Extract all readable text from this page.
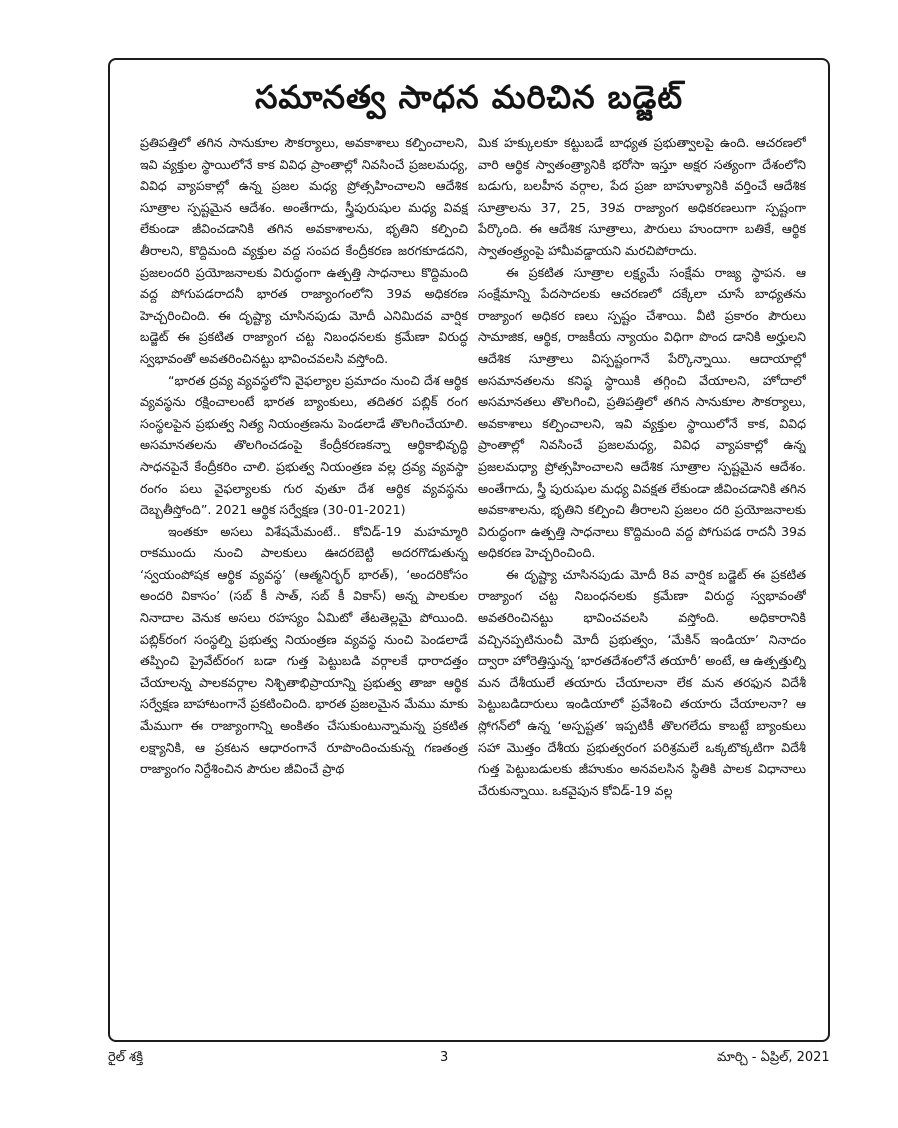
సమానత్వ సాధన మరిచిన బడ్జెట్

ప్రతిపత్తిలో తగిన సానుకూల సౌకర్యాలు, అవకాశాలు కల్పించాలని, ఇవి వ్యక్తుల స్థాయిలోనే కాక వివిధ ప్రాంతాల్లో నివసించే ప్రజలమధ్య, వివిధ వ్యాపకాల్లో ఉన్న ప్రజల మధ్య ప్రోత్సహించాలని ఆదేశిక సూత్రాల స్పష్టమైన ఆదేశం. అంతేగాదు, స్త్రీపురుషుల మధ్య వివక్ష లేకుండా జీవించడానికి తగిన అవకాశాలను, భృతిని కల్పించి తీరాలని, కొద్దిమంది వ్యక్తుల వద్ద సంపద కేంద్రీకరణ జరగకూడదని, ప్రజలందరి ప్రయోజనాలకు విరుద్ధంగా ఉత్పత్తి సాధనాలు కొద్దిమంది వద్ద పోగుపడరాదనీ భారత రాజ్యాంగంలోని 39వ అధికరణ హెచ్చరించింది. ఈ దృష్ట్యా చూసినపుడు మోదీ ఎనిమిదవ వార్షిక బడ్జెట్ ఈ ప్రకటిత రాజ్యాంగ చట్ట నిబంధనలకు క్రమేణా విరుద్ధ స్వభావంతో అవతరించినట్టు భావించవలసి వస్తోంది.

“భారత ద్రవ్య వ్యవస్థలోని వైఫల్యాల ప్రమాదం నుంచి దేశ ఆర్థిక వ్యవస్థను రక్షించాలంటే భారత బ్యాంకులు, తదితర పబ్లిక్ రంగ సంస్థలపైన ప్రభుత్వ నిత్య నియంత్రణను పెండలాడే తొలగించేయాలి. అసమానతలను తొలగించడంపై కేంద్రీకరణకన్నా ఆర్థికాభివృద్ధి సాధనపైనే కేంద్రీకరిం చాలి. ప్రభుత్వ నియంత్రణ వల్ల ద్రవ్య వ్యవస్థా రంగం పలు వైఫల్యాలకు గుర వుతూ దేశ ఆర్థిక వ్యవస్థను దెబ్బతీస్తోంది”. 2021 ఆర్థిక సర్వేక్షణ (30-01-2021)

ఇంతకూ అసలు విశేషమేమంటే.. కోవిడ్-19 మహమ్మారి రాకముందు నుంచి పాలకులు ఊదరబెట్టి అదరగొడుతున్న ‘స్వయంపోషక ఆర్థిక వ్యవస్థ’ (ఆత్మనిర్భర్ భారత్), ‘అందరికోసం అందరి వికాసం’ (సబ్ కీ సాత్, సబ్ కీ వికాస్) అన్న పాలకుల నినాదాల వెనుక అసలు రహస్యం ఏమిటో తేటతెల్లమై పోయింది. పబ్లిక్‌రంగ సంస్థల్ని ప్రభుత్వ నియంత్రణ వ్యవస్థ నుంచి పెండలాడే తప్పించి ప్రైవేట్‌రంగ బడా గుత్త పెట్టుబడి వర్గాలకే ధారాదత్తం చేయాలన్న పాలకవర్గాల నిశ్చితాభిప్రాయాన్ని ప్రభుత్వ తాజా ఆర్థిక సర్వేక్షణ బాహాటంగానే ప్రకటించింది. భారత ప్రజలమైన మేము మాకు మేముగా ఈ రాజ్యాంగాన్ని అంకితం చేసుకుంటున్నామన్న ప్రకటిత లక్ష్యానికి, ఆ ప్రకటన ఆధారంగానే రూపొందించుకున్న గణతంత్ర రాజ్యాంగం నిర్దేశించిన పౌరుల జీవించే ప్రాథ

మిక హక్కులకూ కట్టుబడే బాధ్యత ప్రభుత్వాలపై ఉంది. ఆచరణలో వారి ఆర్థిక స్వాతంత్ర్యానికి భరోసా ఇస్తూ అక్షర సత్యంగా దేశంలోని బడుగు, బలహీన వర్గాల, పేద ప్రజా బాహుళ్యానికి వర్తించే ఆదేశిక సూత్రాలను 37, 25, 39వ రాజ్యాంగ అధికరణలుగా స్పష్టంగా పేర్కొంది. ఈ ఆదేశిక సూత్రాలు, పౌరులు హుందాగా బతికే, ఆర్థిక స్వాతంత్ర్యంపై హామీవడ్డాయని మరచిపోరాదు.

ఈ ప్రకటిత సూత్రాల లక్ష్యమే సంక్షేమ రాజ్య స్థాపన. ఆ సంక్షేమాన్ని పేదసాదలకు ఆచరణలో దక్కేలా చూసే బాధ్యతను రాజ్యాంగ అధికర ణలు స్పష్టం చేశాయి. వీటి ప్రకారం పౌరులు సామాజిక, ఆర్థిక, రాజకీయ న్యాయం విధిగా పొంద డానికి అర్హులని ఆదేశిక సూత్రాలు విస్పష్టంగానే పేర్కొన్నాయి. ఆదాయాల్లో అసమానతలను కనిష్ఠ స్థాయికి తగ్గించి వేయాలని, హోదాలో అసమానతలు తొలగించి, ప్రతిపత్తిలో తగిన సానుకూల సౌకర్యాలు, అవకాశాలు కల్పించాలని, ఇవి వ్యక్తుల స్థాయిలోనే కాక, వివిధ ప్రాంతాల్లో నివసించే ప్రజలమధ్య, వివిధ వ్యాపకాల్లో ఉన్న ప్రజలమధ్యా ప్రోత్సహించాలని ఆదేశిక సూత్రాల స్పష్టమైన ఆదేశం. అంతేగాదు, స్త్రీ పురుషుల మధ్య వివక్షత లేకుండా జీవించడానికి తగిన అవకాశాలను, భృతిని కల్పించి తీరాలని ప్రజలం దరి ప్రయోజనాలకు విరుద్ధంగా ఉత్పత్తి సాధనాలు కొద్దిమంది వద్ద పోగుపడ రాదనీ 39వ అధికరణ హెచ్చరించింది.

ఈ దృష్ట్యా చూసినపుడు మోదీ 8వ వార్షిక బడ్జెట్ ఈ ప్రకటిత రాజ్యాంగ చట్ట నిబంధనలకు క్రమేణా విరుద్ధ స్వభావంతో అవతరించినట్టు భావించవలసి వస్తోంది. అధికారానికి వచ్చినప్పటినుంచీ మోదీ ప్రభుత్వం, ‘మేకిన్ ఇండియా’ నినాదం ద్వారా హోరెత్తిస్తున్న ‘భారతదేశంలోనే తయారీ’ అంటే, ఆ ఉత్పత్తుల్ని మన దేశీయులే తయారు చేయాలనా లేక మన తరఫున విదేశీ పెట్టుబడిదారులు ఇండియాలో ప్రవేశించి తయారు చేయాలనా? ఆ స్లోగన్‌లో ఉన్న ‘అస్పష్టత’ ఇప్పటికీ తొలగలేదు కాబట్టే బ్యాంకులు సహా మొత్తం దేశీయ ప్రభుత్వరంగ పరిశ్రమలే ఒక్కటొక్కటిగా విదేశీ గుత్త పెట్టుబడులకు జీహుకుం అనవలసిన స్థితికి పాలక విధానాలు చేరుకున్నాయి. ఒకవైపున కోవిడ్-19 వల్ల

రైల్ శక్తి	3	మార్చి - ఏప్రిల్, 2021
